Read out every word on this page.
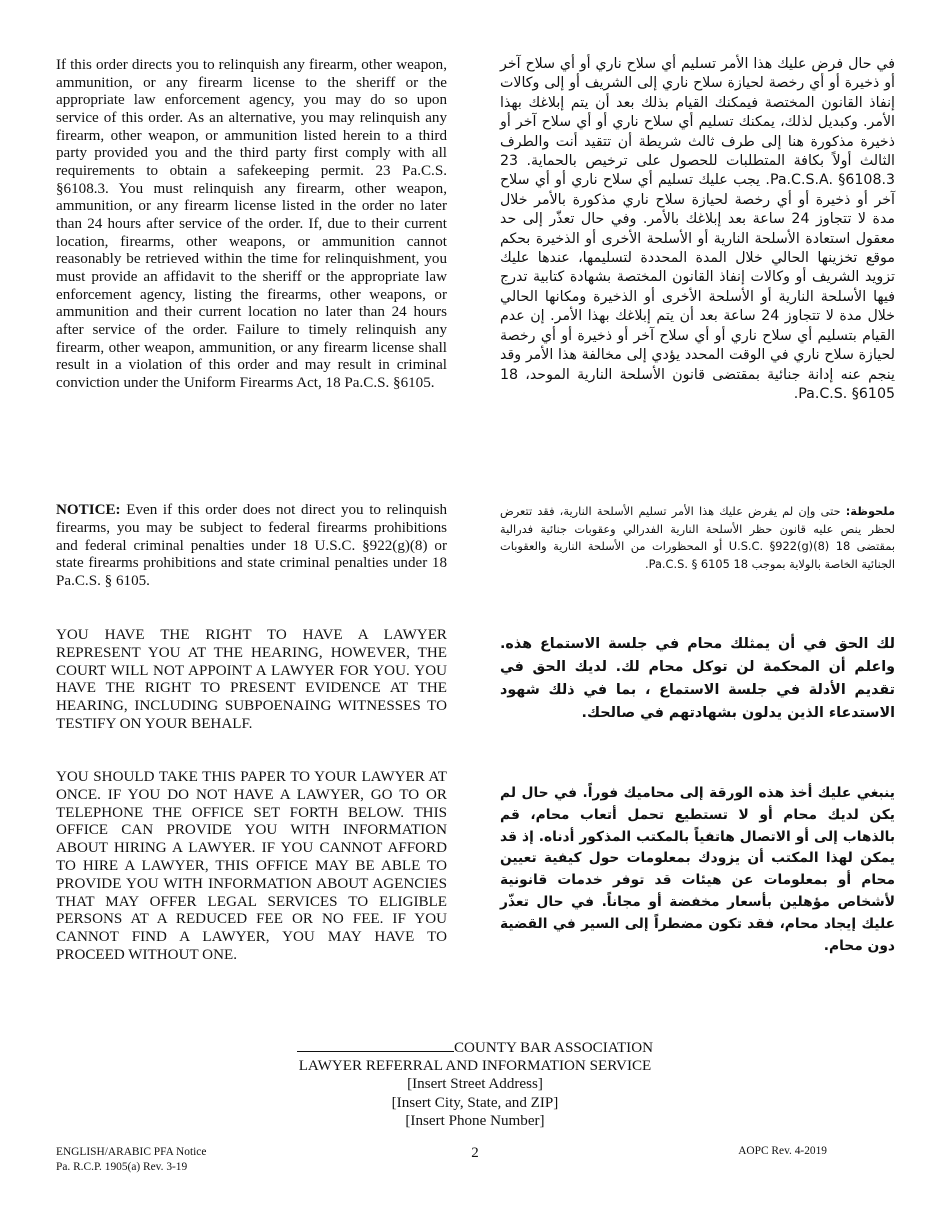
If this order directs you to relinquish any firearm, other weapon, ammunition, or any firearm license to the sheriff or the appropriate law enforcement agency, you may do so upon service of this order. As an alternative, you may relinquish any firearm, other weapon, or ammunition listed herein to a third party provided you and the third party first comply with all requirements to obtain a safekeeping permit. 23 Pa.C.S. §6108.3. You must relinquish any firearm, other weapon, ammunition, or any firearm license listed in the order no later than 24 hours after service of the order. If, due to their current location, firearms, other weapons, or ammunition cannot reasonably be retrieved within the time for relinquishment, you must provide an affidavit to the sheriff or the appropriate law enforcement agency, listing the firearms, other weapons, or ammunition and their current location no later than 24 hours after service of the order. Failure to timely relinquish any firearm, other weapon, ammunition, or any firearm license shall result in a violation of this order and may result in criminal conviction under the Uniform Firearms Act, 18 Pa.C.S. §6105.
في حال فرض عليك هذا الأمر تسليم أي سلاح ناري أو أي سلاح آخر أو ذخيرة أو أي رخصة لحيازة سلاح ناري إلى الشريف أو إلى وكالات إنفاذ القانون المختصة فيمكنك القيام بذلك بعد أن يتم إبلاغك بهذا الأمر. وكبديل لذلك، يمكنك تسليم أي سلاح ناري أو أي سلاح آخر أو ذخيرة مذكورة هنا إلى طرف ثالث شريطة أن تتقيد أنت والطرف الثالث أولاً بكافة المتطلبات للحصول على ترخيص بالحماية. 23 Pa.C.S.A. §6108.3. يجب عليك تسليم أي سلاح ناري أو أي سلاح آخر أو ذخيرة أو أي رخصة لحيازة سلاح ناري مذكورة بالأمر خلال مدة لا تتجاوز 24 ساعة بعد إبلاغك بالأمر. وفي حال تعذّر إلى حد معقول استعادة الأسلحة النارية أو الأسلحة الأخرى أو الذخيرة بحكم موقع تخزينها الحالي خلال المدة المحددة لتسليمها، عندها عليك تزويد الشريف أو وكالات إنفاذ القانون المختصة بشهادة كتابية تدرج فيها الأسلحة النارية أو الأسلحة الأخرى أو الذخيرة ومكانها الحالي خلال مدة لا تتجاوز 24 ساعة بعد أن يتم إبلاغك بهذا الأمر. إن عدم القيام بتسليم أي سلاح ناري أو أي سلاح آخر أو ذخيرة أو أي رخصة لحيازة سلاح ناري في الوقت المحدد يؤدي إلى مخالفة هذا الأمر وقد ينجم عنه إدانة جنائية بمقتضى قانون الأسلحة النارية الموحد، 18 Pa.C.S. §6105.
NOTICE: Even if this order does not direct you to relinquish firearms, you may be subject to federal firearms prohibitions and federal criminal penalties under 18 U.S.C. §922(g)(8) or state firearms prohibitions and state criminal penalties under 18 Pa.C.S. § 6105.
ملحوظة: حتى وإن لم يفرض عليك هذا الأمر تسليم الأسلحة النارية، فقد تتعرض لحظر ينص عليه قانون حظر الأسلحة النارية الفدرالي وعقوبات جنائية فدرالية بمقتضى 18 U.S.C. §922(g)(8) أو المحظورات من الأسلحة النارية والعقوبات الجنائية الخاصة بالولاية بموجب 18 Pa.C.S. § 6105.
YOU HAVE THE RIGHT TO HAVE A LAWYER REPRESENT YOU AT THE HEARING, HOWEVER, THE COURT WILL NOT APPOINT A LAWYER FOR YOU. YOU HAVE THE RIGHT TO PRESENT EVIDENCE AT THE HEARING, INCLUDING SUBPOENAING WITNESSES TO TESTIFY ON YOUR BEHALF.
لك الحق في أن يمثلك محام في جلسة الاستماع هذه. واعلم أن المحكمة لن توكل محام لك. لديك الحق في تقديم الأدلة في جلسة الاستماع ، بما في ذلك شهود الاستدعاء الذين يدلون بشهادتهم في صالحك.
YOU SHOULD TAKE THIS PAPER TO YOUR LAWYER AT ONCE. IF YOU DO NOT HAVE A LAWYER, GO TO OR TELEPHONE THE OFFICE SET FORTH BELOW. THIS OFFICE CAN PROVIDE YOU WITH INFORMATION ABOUT HIRING A LAWYER. IF YOU CANNOT AFFORD TO HIRE A LAWYER, THIS OFFICE MAY BE ABLE TO PROVIDE YOU WITH INFORMATION ABOUT AGENCIES THAT MAY OFFER LEGAL SERVICES TO ELIGIBLE PERSONS AT A REDUCED FEE OR NO FEE. IF YOU CANNOT FIND A LAWYER, YOU MAY HAVE TO PROCEED WITHOUT ONE.
ينبغي عليك أخذ هذه الورقة إلى محاميك فوراً. في حال لم يكن لديك محام أو لا تستطيع تحمل أتعاب محام، قم بالذهاب إلى أو الاتصال هاتفياً بالمكتب المذكور أدناه. إذ قد يمكن لهذا المكتب أن يزودك بمعلومات حول كيفية تعيين محام أو بمعلومات عن هيئات قد توفر خدمات قانونية لأشخاص مؤهلين بأسعار مخفضة أو مجاناً. في حال تعذّر عليك إيجاد محام، فقد تكون مضطراً إلى السير في القضية دون محام.
COUNTY BAR ASSOCIATION
LAWYER REFERRAL AND INFORMATION SERVICE
[Insert Street Address]
[Insert City, State, and ZIP]
[Insert Phone Number]
ENGLISH/ARABIC PFA Notice
Pa. R.C.P. 1905(a) Rev. 3-19
2	AOPC Rev. 4-2019
